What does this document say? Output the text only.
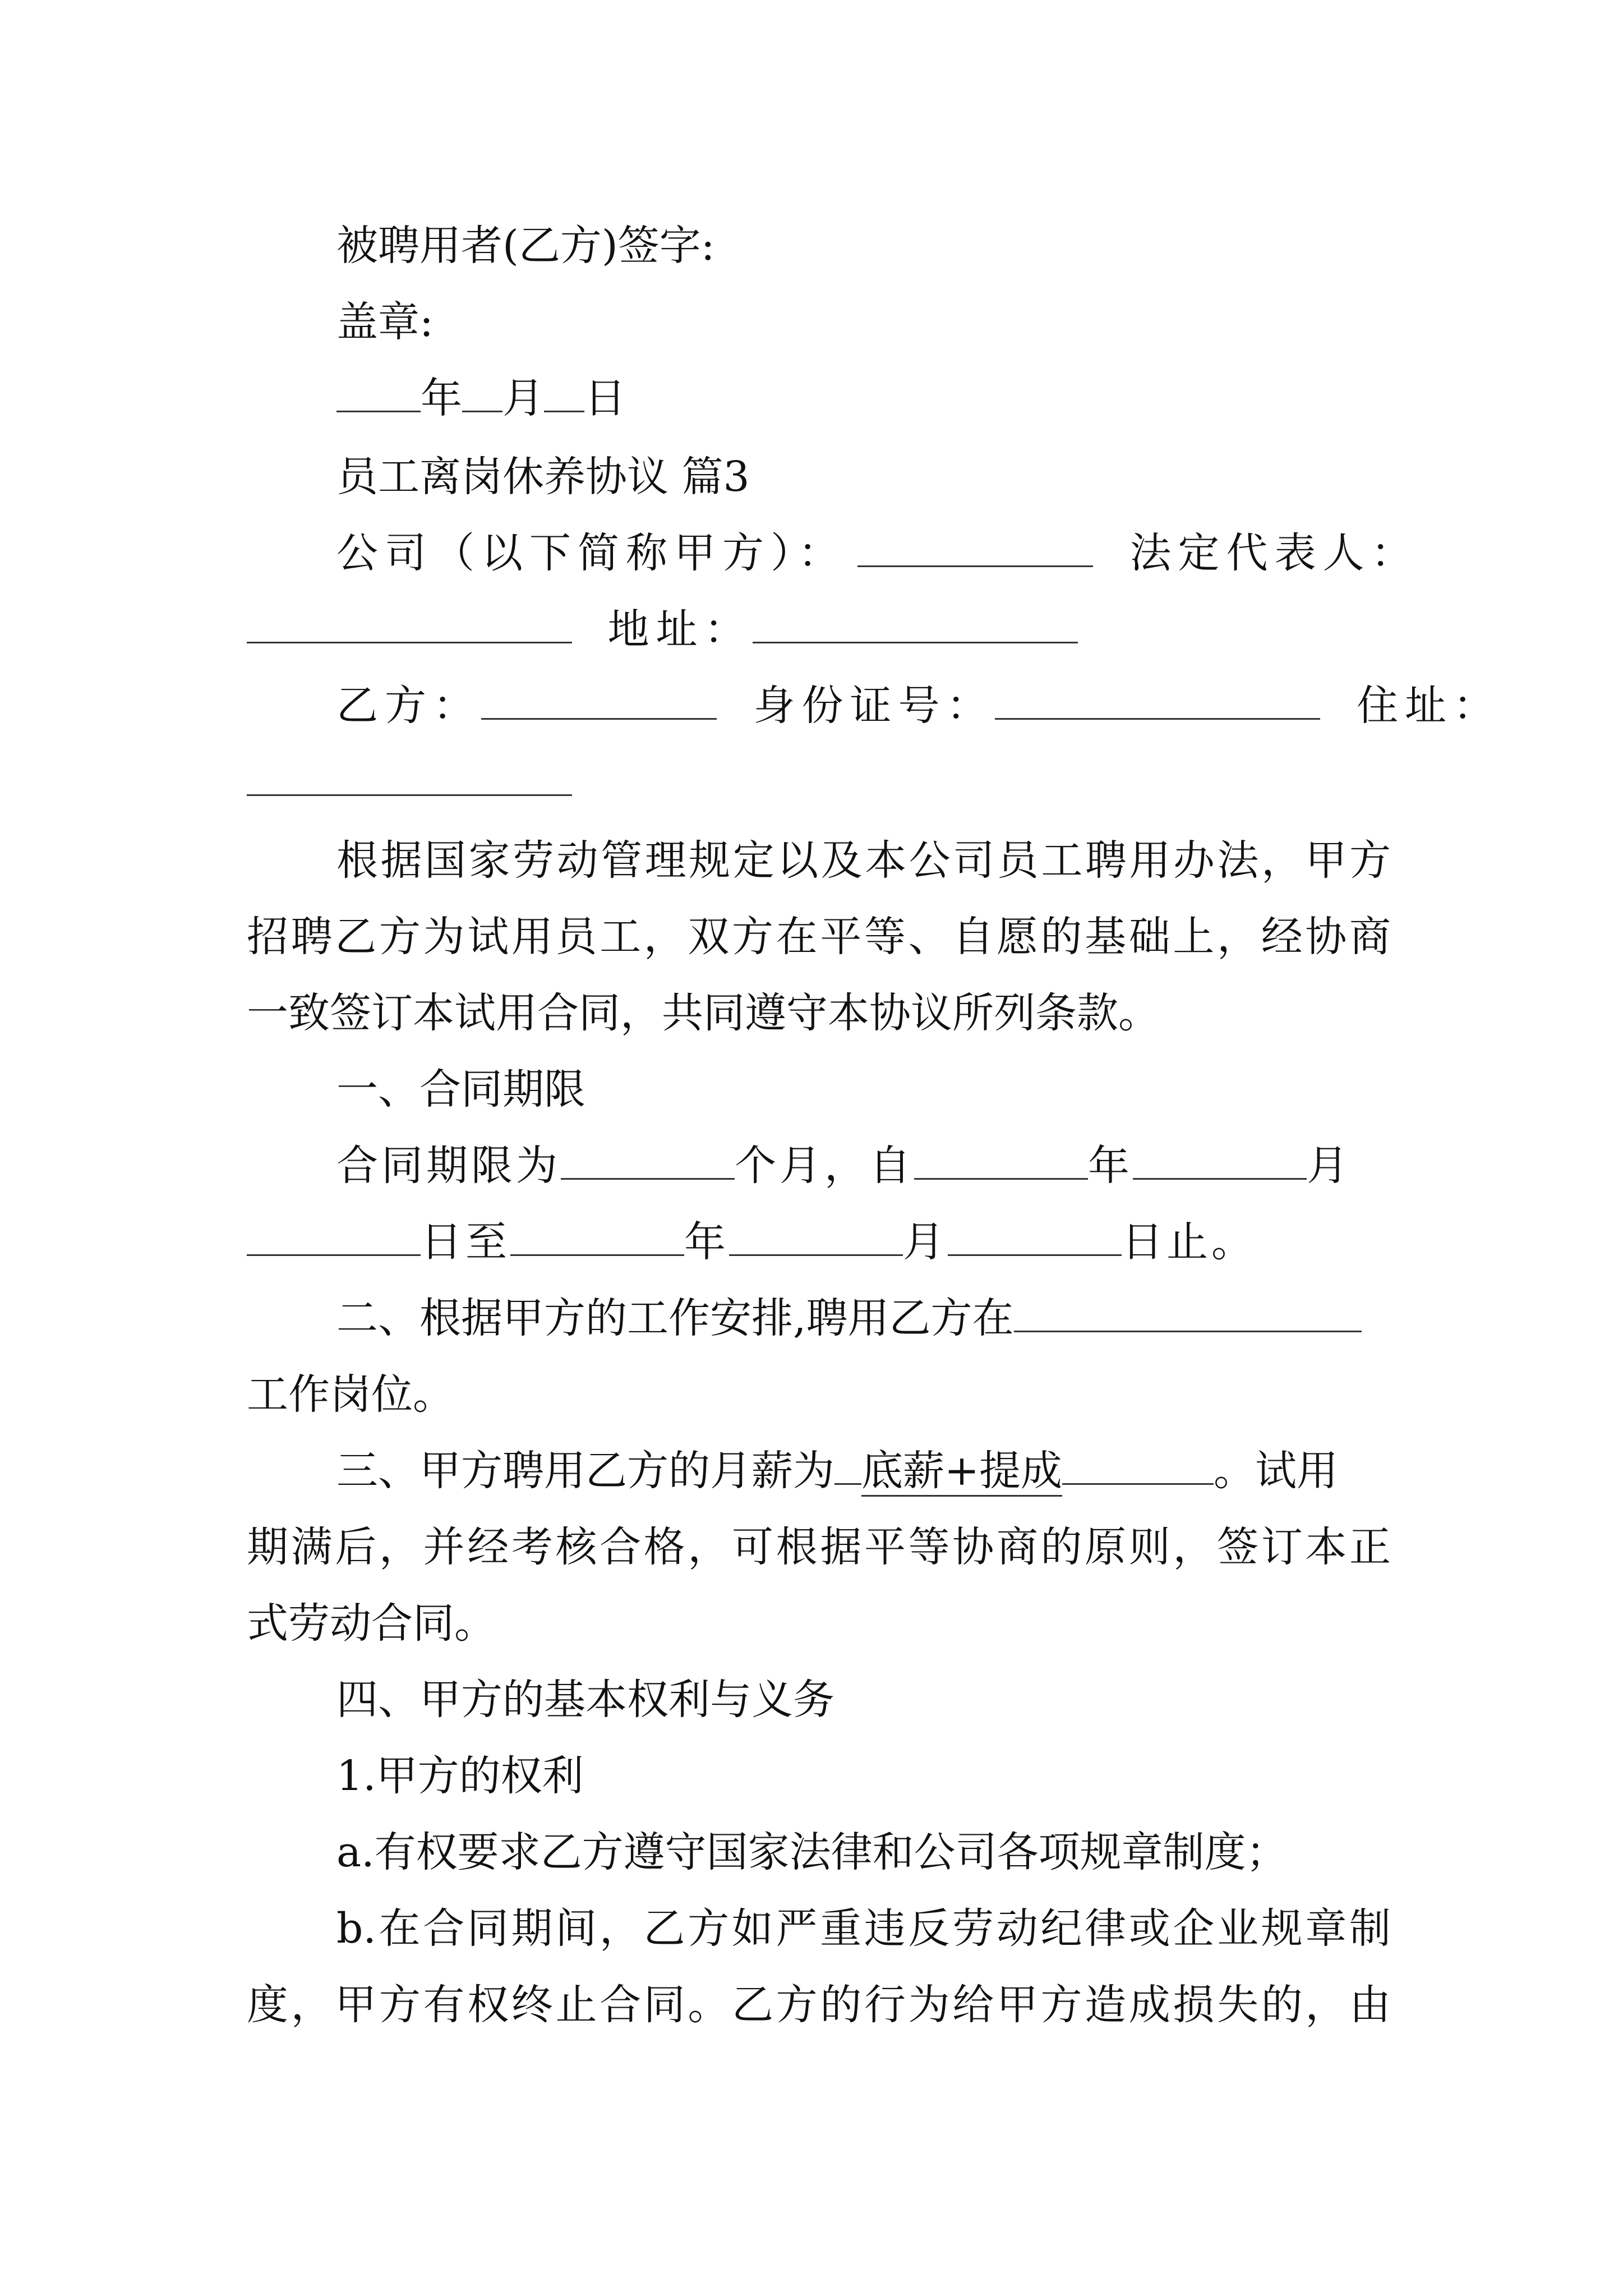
被聘用者(乙方)签字:
盖章:
年 月 日
员工离岗休养协议 篇3
公司（以下简称甲方）：	法定代表人：
地址：
乙方：	身份证号：	住址：
根据国家劳动管理规定以及本公司员工聘用办法，甲方
招聘乙方为试用员工，双方在平等、自愿的基础上，经协商
一致签订本试用合同，共同遵守本协议所列条款。
一、合同期限
合同期限为	个月，自	年	月
日至	年	月	日止。
二、根据甲方的工作安排,聘用乙方在
工作岗位。
三、甲方聘用乙方的月薪为 底薪+提成	。试用
期满后，并经考核合格，可根据平等协商的原则，签订本正
式劳动合同。
四、甲方的基本权利与义务
1.甲方的权利
a.有权要求乙方遵守国家法律和公司各项规章制度；
b.在合同期间，乙方如严重违反劳动纪律或企业规章制
度，甲方有权终止合同。乙方的行为给甲方造成损失的，由
